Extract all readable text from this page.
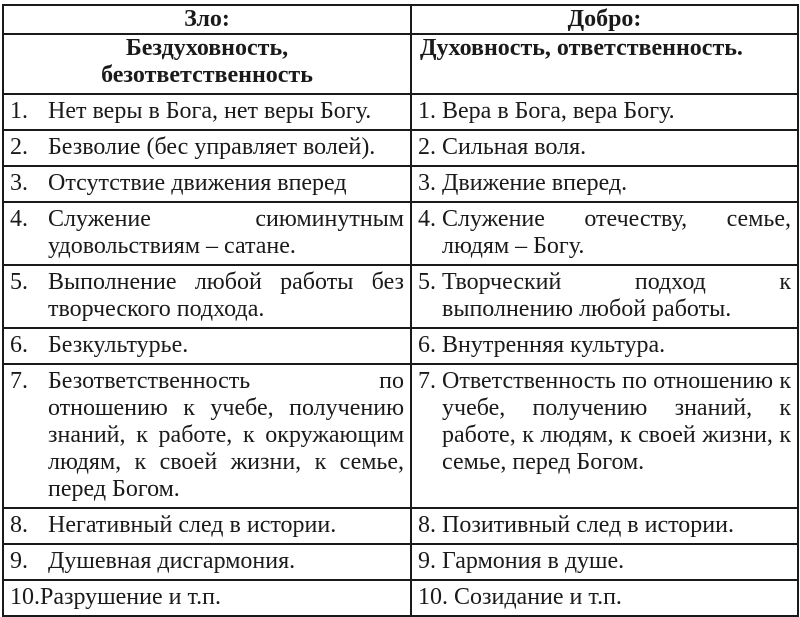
Зло:	Добро:
Бездуховность,
безответственность	Духовность, ответственность.

1. Нет веры в Бога, нет веры Богу.	1. Вера в Бога, вера Богу.

2. Безволие (бес управляет волей).	2. Сильная воля.

3. Отсутствие движения вперед	3. Движение вперед.

4. Служение сиюминутным удовольствиям – сатане.	4. Служение отечеству, семье, людям – Богу.

5. Выполнение любой работы без творческого подхода.	5. Творческий подход к выполнению любой работы.

6. Безкультурье.	6. Внутренняя культура.

7. Безответственность по отношению к учебе, получению знаний, к работе, к окружающим людям, к своей жизни, к семье, перед Богом.	7. Ответственность по отношению к учебе, получению знаний, к работе, к людям, к своей жизни, к семье, перед Богом.

8. Негативный след в истории.	8. Позитивный след в истории.

9. Душевная дисгармония.	9. Гармония в душе.

10. Разрушение и т.п.	10. Созидание и т.п.
